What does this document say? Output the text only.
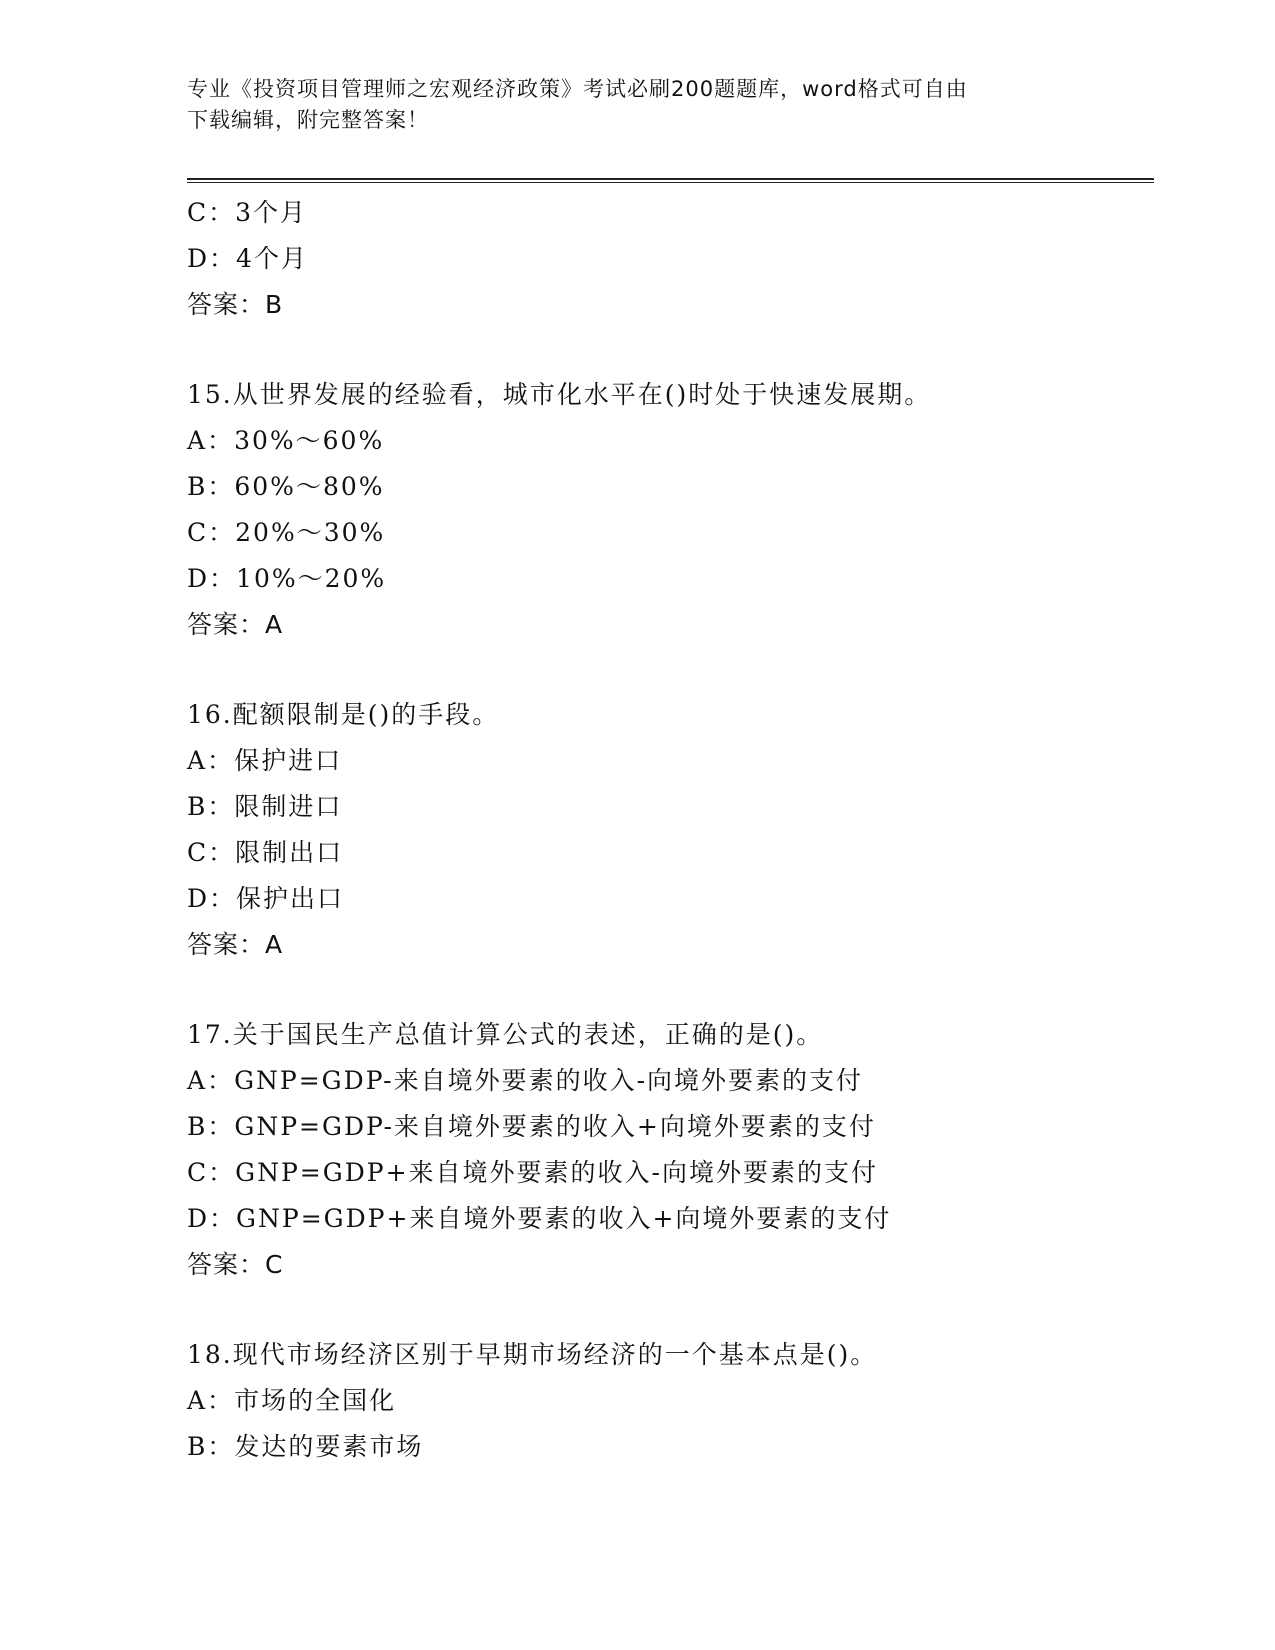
专业《投资项目管理师之宏观经济政策》考试必刷200题题库，word格式可自由
下载编辑，附完整答案！
C：3个月
D：4个月
答案：B
15.从世界发展的经验看，城市化水平在()时处于快速发展期。
A：30%～60%
B：60%～80%
C：20%～30%
D：10%～20%
答案：A
16.配额限制是()的手段。
A：保护进口
B：限制进口
C：限制出口
D：保护出口
答案：A
17.关于国民生产总值计算公式的表述，正确的是()。
A：GNP=GDP-来自境外要素的收入-向境外要素的支付
B：GNP=GDP-来自境外要素的收入+向境外要素的支付
C：GNP=GDP+来自境外要素的收入-向境外要素的支付
D：GNP=GDP+来自境外要素的收入+向境外要素的支付
答案：C
18.现代市场经济区别于早期市场经济的一个基本点是()。
A：市场的全国化
B：发达的要素市场
